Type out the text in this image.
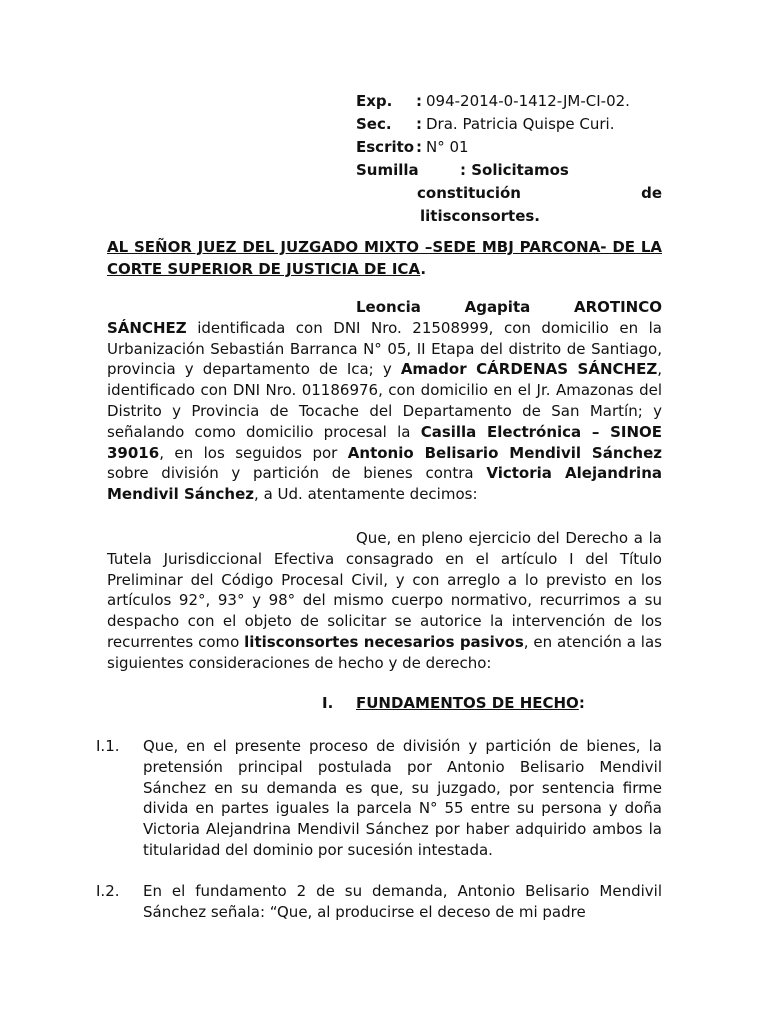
Exp.	: 094-2014-0-1412-JM-CI-02.
Sec.	: Dra. Patricia Quispe Curi.
Escrito : N° 01
Sumilla	: Solicitamos
constitución	de
litisconsortes.
AL SEÑOR JUEZ DEL JUZGADO MIXTO –SEDE MBJ PARCONA- DE LA CORTE SUPERIOR DE JUSTICIA DE ICA.
Leoncia Agapita AROTINCO SÁNCHEZ identificada con DNI Nro. 21508999, con domicilio en la Urbanización Sebastián Barranca N° 05, II Etapa del distrito de Santiago, provincia y departamento de Ica; y Amador CÁRDENAS SÁNCHEZ, identificado con DNI Nro. 01186976, con domicilio en el Jr. Amazonas del Distrito y Provincia de Tocache del Departamento de San Martín; y señalando como domicilio procesal la Casilla Electrónica – SINOE 39016, en los seguidos por Antonio Belisario Mendivil Sánchez sobre división y partición de bienes contra Victoria Alejandrina Mendivil Sánchez, a Ud. atentamente decimos:
Que, en pleno ejercicio del Derecho a la Tutela Jurisdiccional Efectiva consagrado en el artículo I del Título Preliminar del Código Procesal Civil, y con arreglo a lo previsto en los artículos 92°, 93° y 98° del mismo cuerpo normativo, recurrimos a su despacho con el objeto de solicitar se autorice la intervención de los recurrentes como litisconsortes necesarios pasivos, en atención a las siguientes consideraciones de hecho y de derecho:
I.	FUNDAMENTOS DE HECHO :
I.1.	Que, en el presente proceso de división y partición de bienes, la pretensión principal postulada por Antonio Belisario Mendivil Sánchez en su demanda es que, su juzgado, por sentencia firme divida en partes iguales la parcela N° 55 entre su persona y doña Victoria Alejandrina Mendivil Sánchez por haber adquirido ambos la titularidad del dominio por sucesión intestada.
I.2.	En el fundamento 2 de su demanda, Antonio Belisario Mendivil Sánchez señala: “Que, al producirse el deceso de mi padre
